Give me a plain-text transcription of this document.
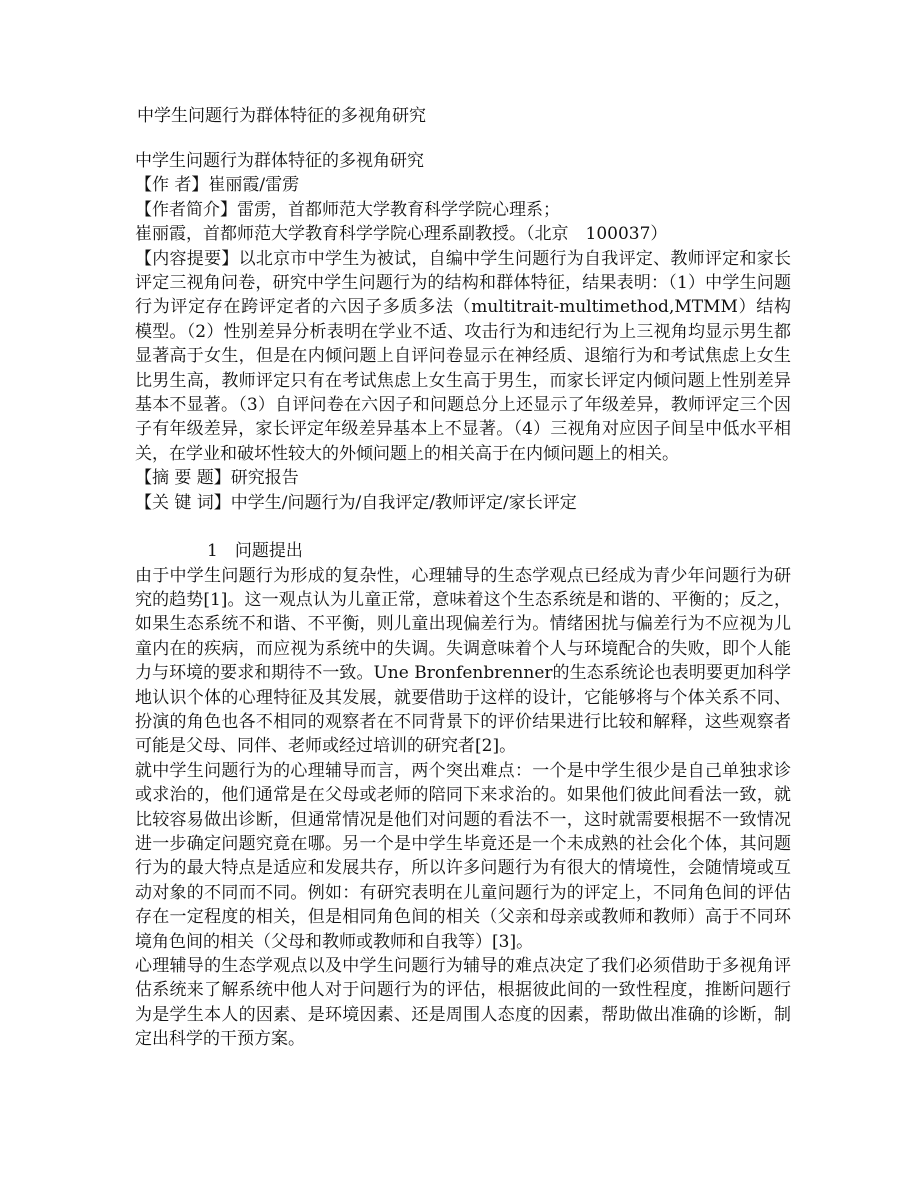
中学生问题行为群体特征的多视角研究

中学生问题行为群体特征的多视角研究

【作 者】崔丽霞/雷雳

【作者简介】雷雳，首都师范大学教育科学学院心理系；

崔丽霞，首都师范大学教育科学学院心理系副教授。（北京　100037）

【内容提要】以北京市中学生为被试，自编中学生问题行为自我评定、教师评定和家长评定三视角问卷，研究中学生问题行为的结构和群体特征，结果表明：（1）中学生问题行为评定存在跨评定者的六因子多质多法（multitrait-multimethod,MTMM）结构模型。（2）性别差异分析表明在学业不适、攻击行为和违纪行为上三视角均显示男生都显著高于女生，但是在内倾问题上自评问卷显示在神经质、退缩行为和考试焦虑上女生比男生高，教师评定只有在考试焦虑上女生高于男生，而家长评定内倾问题上性别差异基本不显著。（3）自评问卷在六因子和问题总分上还显示了年级差异，教师评定三个因子有年级差异，家长评定年级差异基本上不显著。（4）三视角对应因子间呈中低水平相关，在学业和破坏性较大的外倾问题上的相关高于在内倾问题上的相关。

【摘 要 题】研究报告

【关 键 词】中学生/问题行为/自我评定/教师评定/家长评定

1　问题提出

由于中学生问题行为形成的复杂性，心理辅导的生态学观点已经成为青少年问题行为研究的趋势[1]。这一观点认为儿童正常，意味着这个生态系统是和谐的、平衡的；反之，如果生态系统不和谐、不平衡，则儿童出现偏差行为。情绪困扰与偏差行为不应视为儿童内在的疾病，而应视为系统中的失调。失调意味着个人与环境配合的失败，即个人能力与环境的要求和期待不一致。Une Bronfenbrenner的生态系统论也表明要更加科学地认识个体的心理特征及其发展，就要借助于这样的设计，它能够将与个体关系不同、扮演的角色也各不相同的观察者在不同背景下的评价结果进行比较和解释，这些观察者可能是父母、同伴、老师或经过培训的研究者[2]。

就中学生问题行为的心理辅导而言，两个突出难点：一个是中学生很少是自己单独求诊或求治的，他们通常是在父母或老师的陪同下来求治的。如果他们彼此间看法一致，就比较容易做出诊断，但通常情况是他们对问题的看法不一，这时就需要根据不一致情况进一步确定问题究竟在哪。另一个是中学生毕竟还是一个未成熟的社会化个体，其问题行为的最大特点是适应和发展共存，所以许多问题行为有很大的情境性，会随情境或互动对象的不同而不同。例如：有研究表明在儿童问题行为的评定上，不同角色间的评估存在一定程度的相关，但是相同角色间的相关（父亲和母亲或教师和教师）高于不同环境角色间的相关（父母和教师或教师和自我等）[3]。

心理辅导的生态学观点以及中学生问题行为辅导的难点决定了我们必须借助于多视角评估系统来了解系统中他人对于问题行为的评估，根据彼此间的一致性程度，推断问题行为是学生本人的因素、是环境因素、还是周围人态度的因素，帮助做出准确的诊断，制定出科学的干预方案。
